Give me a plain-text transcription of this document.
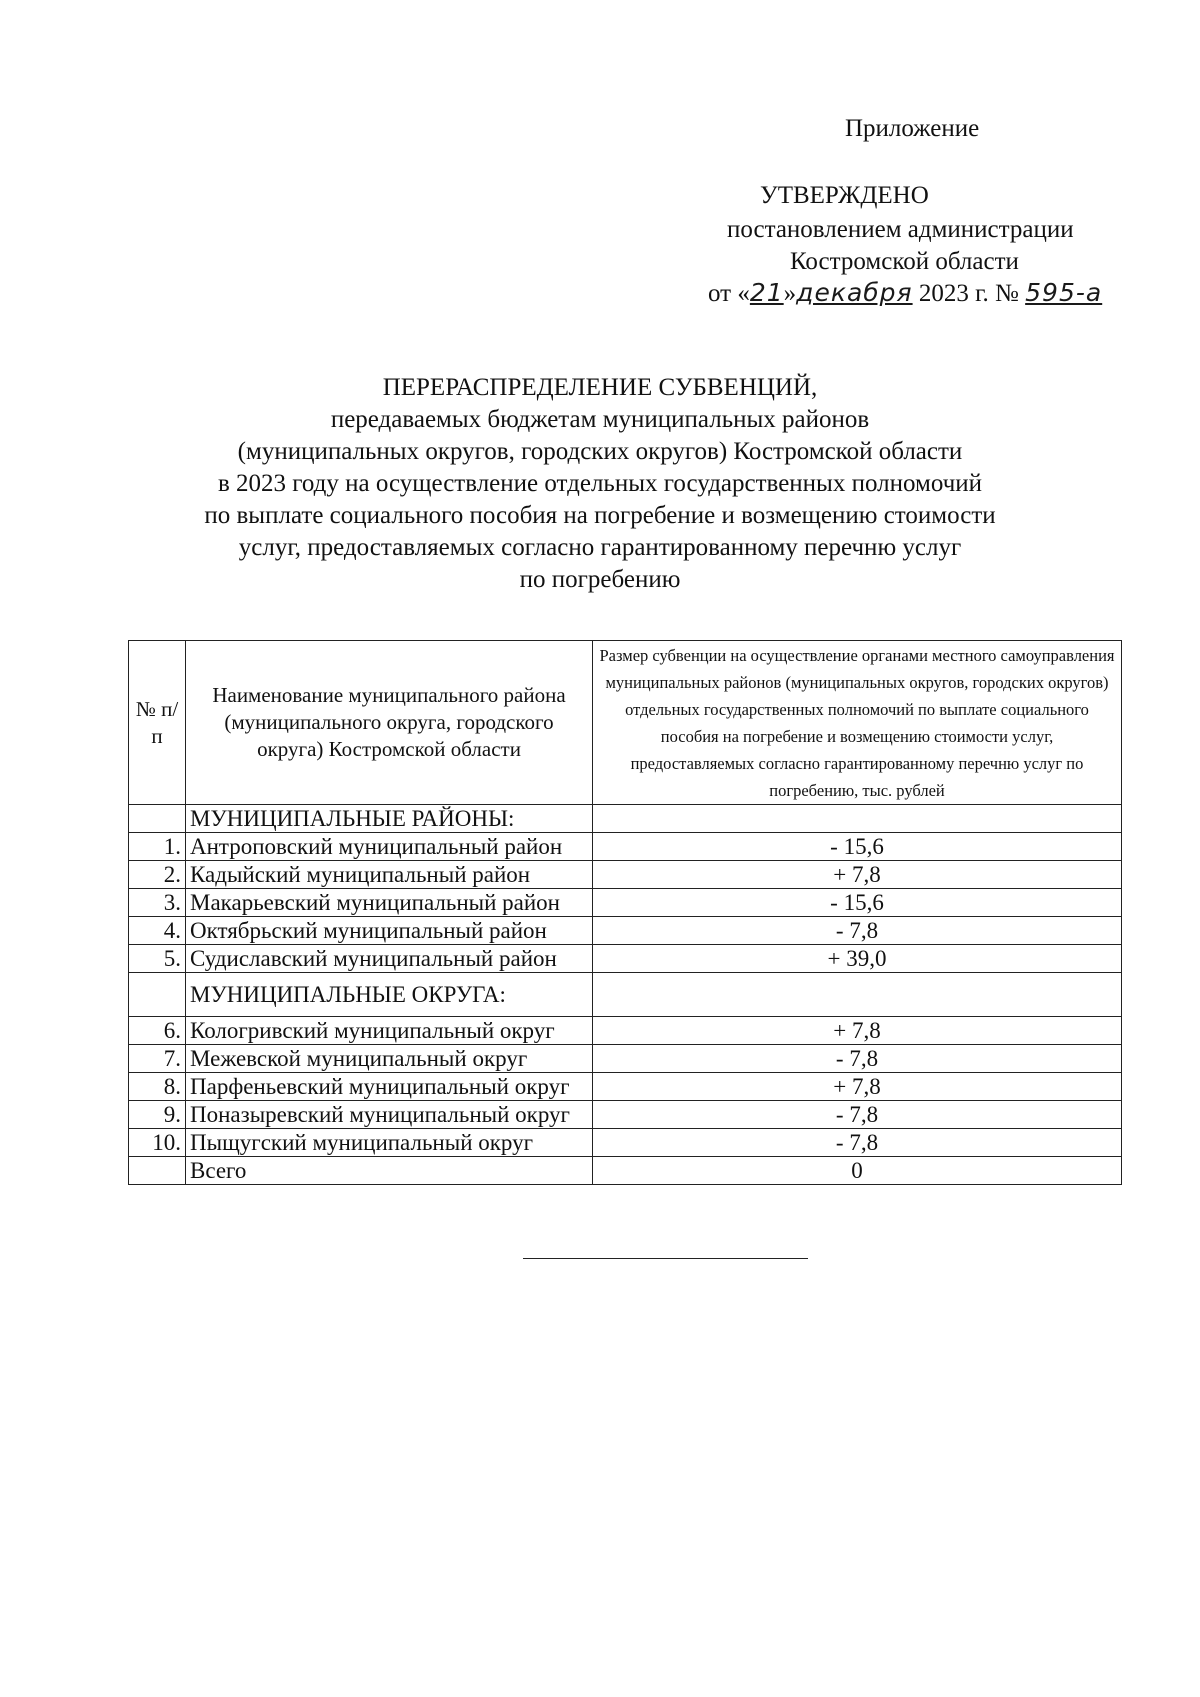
Приложение
УТВЕРЖДЕНО
постановлением администрации
Костромской области
от «21»декабря 2023 г. № 595-а
ПЕРЕРАСПРЕДЕЛЕНИЕ СУБВЕНЦИЙ,
передаваемых бюджетам муниципальных районов
(муниципальных округов, городских округов) Костромской области
в 2023 году на осуществление отдельных государственных полномочий
по выплате социального пособия на погребение и возмещению стоимости
услуг, предоставляемых согласно гарантированному перечню услуг
по погребению
№ п/п	Наименование муниципального района (муниципального округа, городского округа) Костромской области	Размер субвенции на осуществление органами местного самоуправления муниципальных районов (муниципальных округов, городских округов) отдельных государственных полномочий по выплате социального пособия на погребение и возмещению стоимости услуг, предоставляемых согласно гарантированному перечню услуг по погребению, тыс. рублей
	МУНИЦИПАЛЬНЫЕ РАЙОНЫ:	
1.	Антроповский муниципальный район	- 15,6
2.	Кадыйский муниципальный район	+ 7,8
3.	Макарьевский муниципальный район	- 15,6
4.	Октябрьский муниципальный район	- 7,8
5.	Судиславский муниципальный район	+ 39,0
	МУНИЦИПАЛЬНЫЕ ОКРУГА:	
6.	Кологривский муниципальный округ	+ 7,8
7.	Межевской муниципальный округ	- 7,8
8.	Парфеньевский муниципальный округ	+ 7,8
9.	Поназыревский муниципальный округ	- 7,8
10.	Пыщугский муниципальный округ	- 7,8
	Всего	0
